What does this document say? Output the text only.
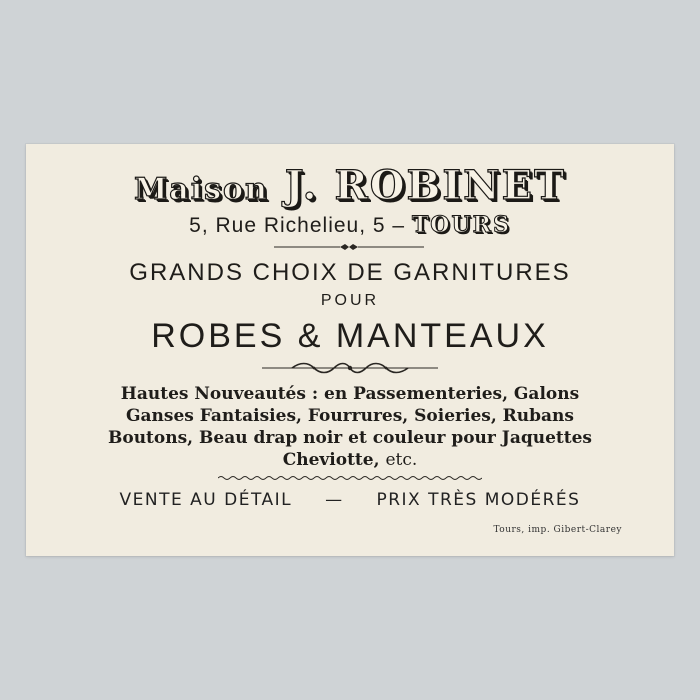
Maison J. ROBINET
5, Rue Richelieu, 5 – TOURS
GRANDS CHOIX DE GARNITURES
POUR
ROBES & MANTEAUX
Hautes Nouveautés : en Passementeries, Galons
Ganses Fantaisies, Fourrures, Soieries, Rubans
Boutons, Beau drap noir et couleur pour Jaquettes
Cheviotte, etc.
VENTE AU DÉTAIL — PRIX TRÈS MODÉRÉS
Tours, imp. Gibert-Clarey
